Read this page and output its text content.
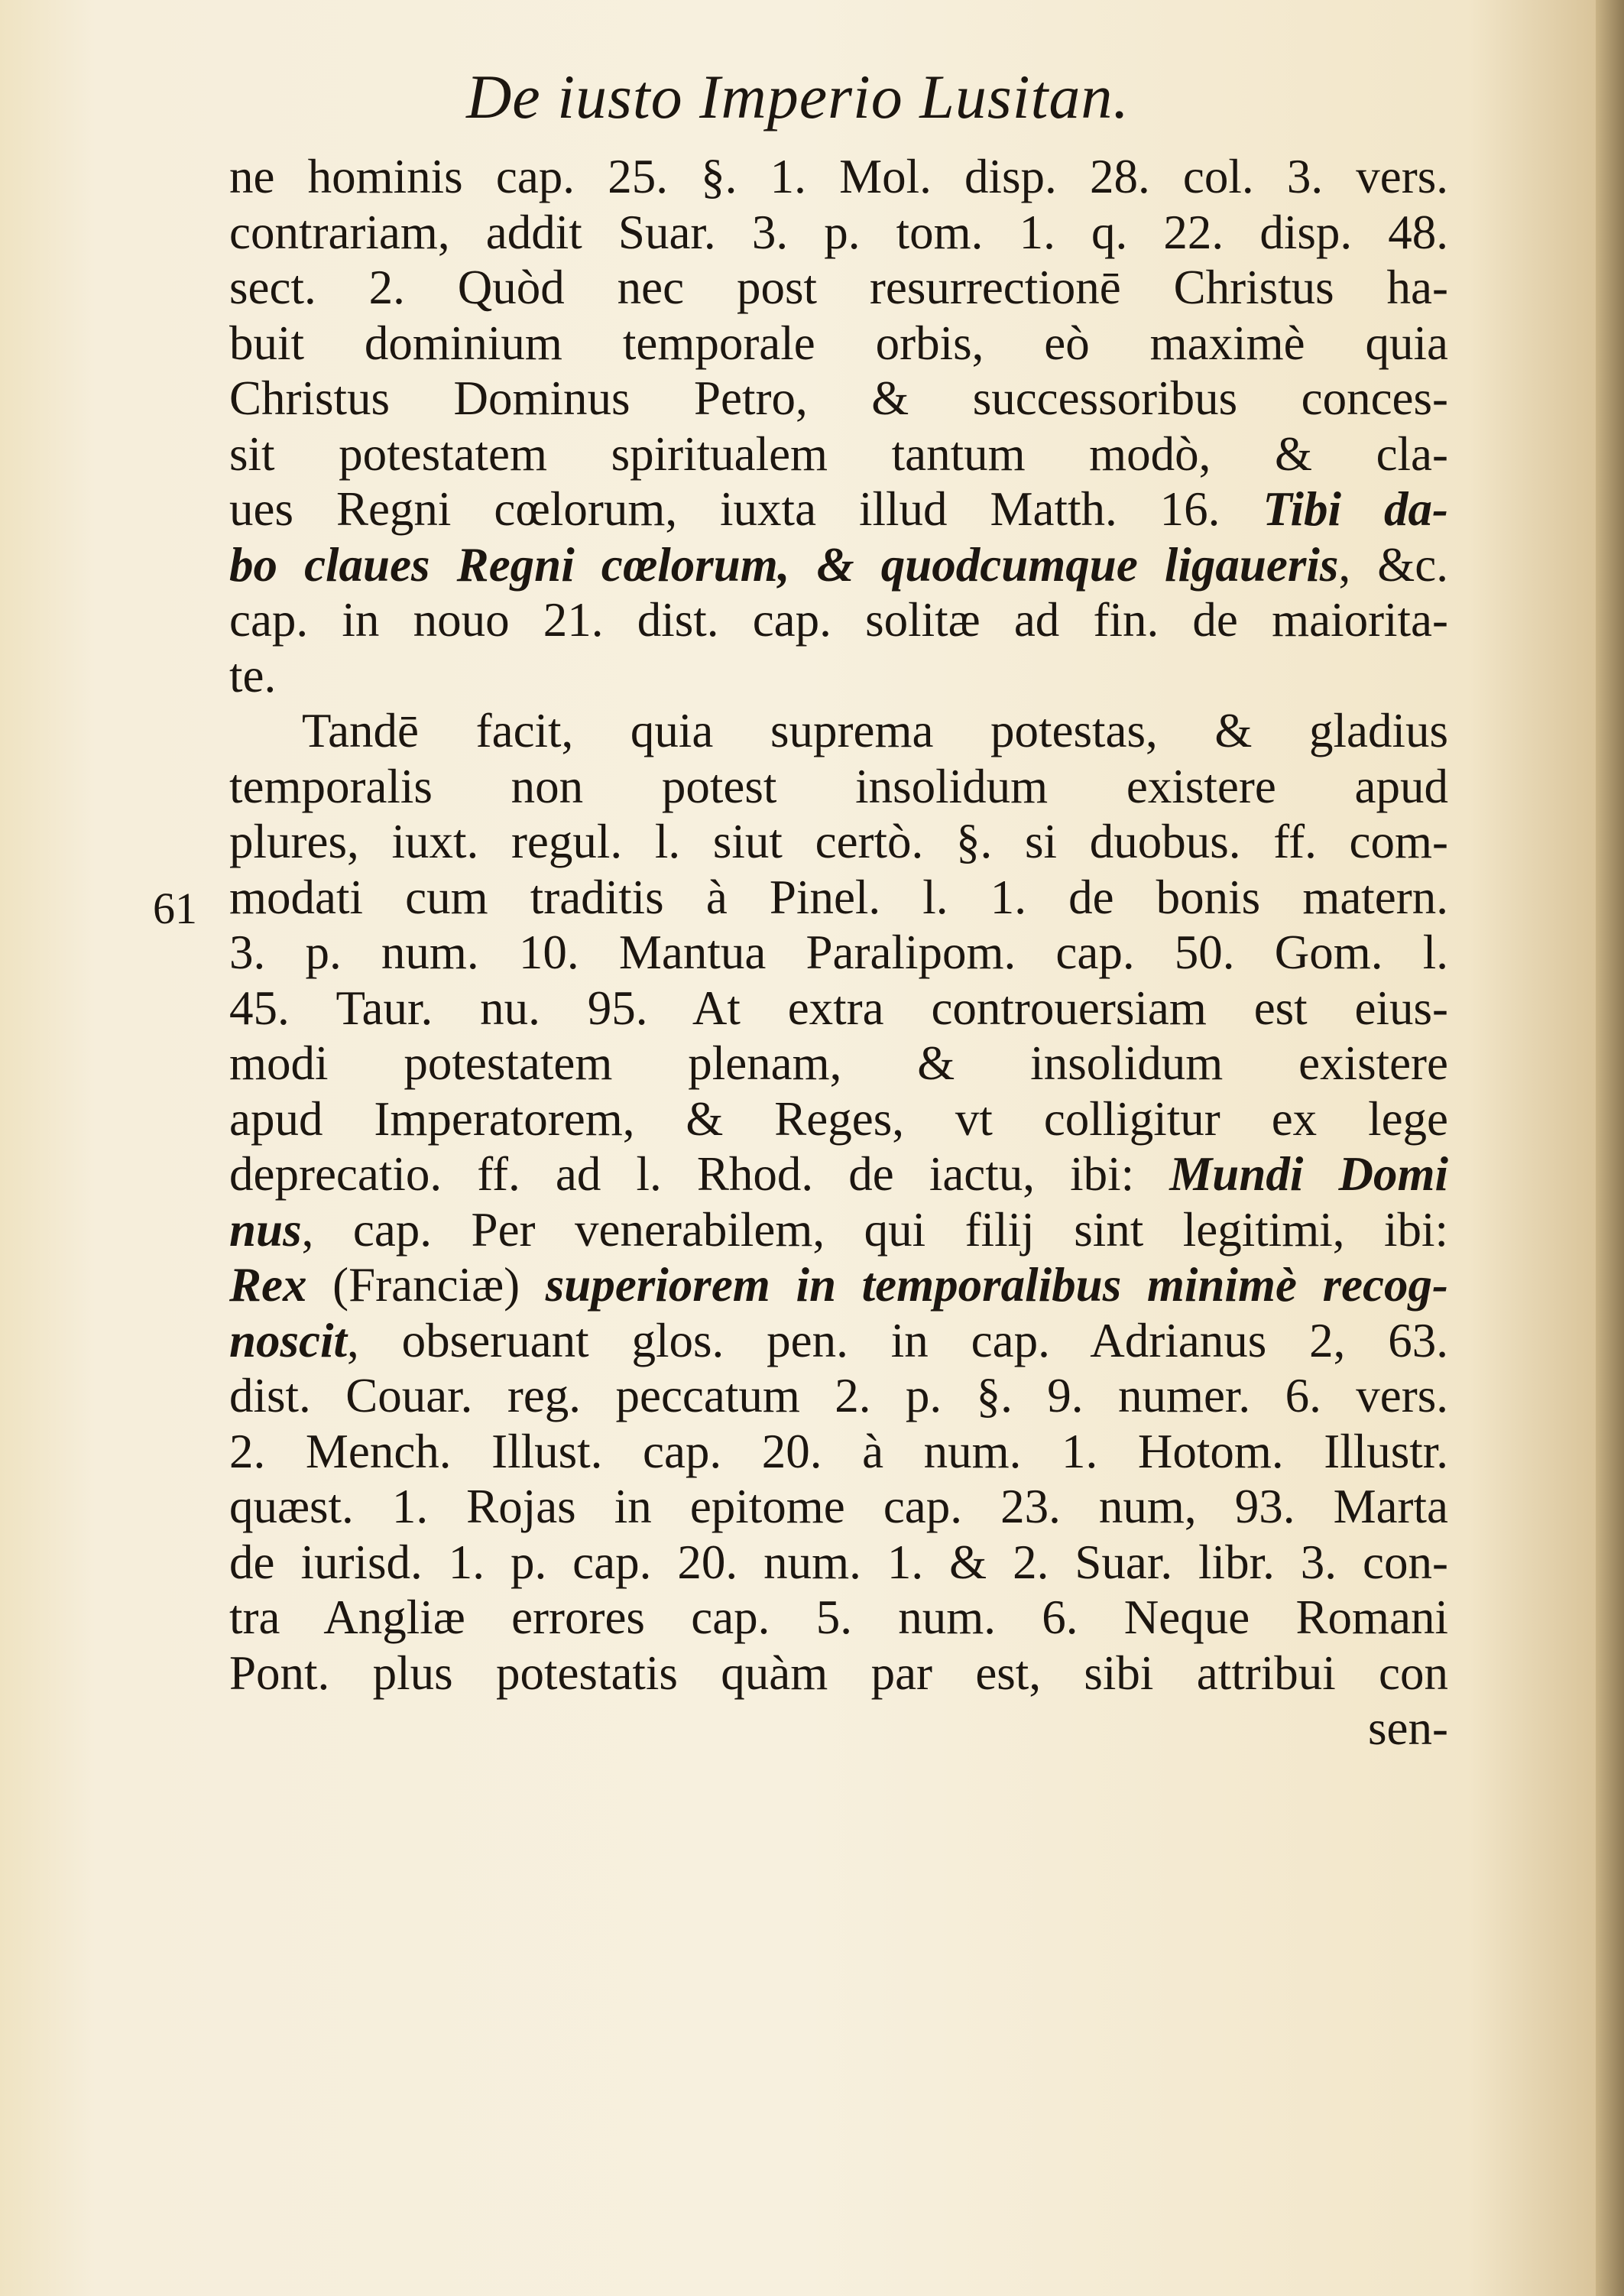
De iusto Imperio Lusitan.
61
ne hominis cap. 25. §. 1. Mol. disp. 28. col. 3. vers.
contrariam, addit Suar. 3. p. tom. 1. q. 22. disp. 48.
sect. 2. Quòd nec post resurrectionē Christus ha-
buit dominium temporale orbis, eò maximè quia
Christus Dominus Petro, & successoribus conces-
sit potestatem spiritualem tantum modò, & cla-
ues Regni cœlorum, iuxta illud Matth. 16. Tibi da-
bo claues Regni cœlorum, & quodcumque ligaueris, &c.
cap. in nouo 21. dist. cap. solitæ ad fin. de maiorita-
te.
Tandē facit, quia suprema potestas, & gladius
temporalis non potest insolidum existere apud
plures, iuxt. regul. l. siut certò. §. si duobus. ff. com-
modati cum traditis à Pinel. l. 1. de bonis matern.
3. p. num. 10. Mantua Paralipom. cap. 50. Gom. l.
45. Taur. nu. 95. At extra controuersiam est eius-
modi potestatem plenam, & insolidum existere
apud Imperatorem, & Reges, vt colligitur ex lege
deprecatio. ff. ad l. Rhod. de iactu, ibi: Mundi Domi
nus, cap. Per venerabilem, qui filij sint legitimi, ibi:
Rex (Franciæ) superiorem in temporalibus minimè recog-
noscit, obseruant glos. pen. in cap. Adrianus 2, 63.
dist. Couar. reg. peccatum 2. p. §. 9. numer. 6. vers.
2. Mench. Illust. cap. 20. à num. 1. Hotom. Illustr.
quæst. 1. Rojas in epitome cap. 23. num, 93. Marta
de iurisd. 1. p. cap. 20. num. 1. & 2. Suar. libr. 3. con-
tra Angliæ errores cap. 5. num. 6. Neque Romani
Pont. plus potestatis quàm par est, sibi attribui con
sen-
